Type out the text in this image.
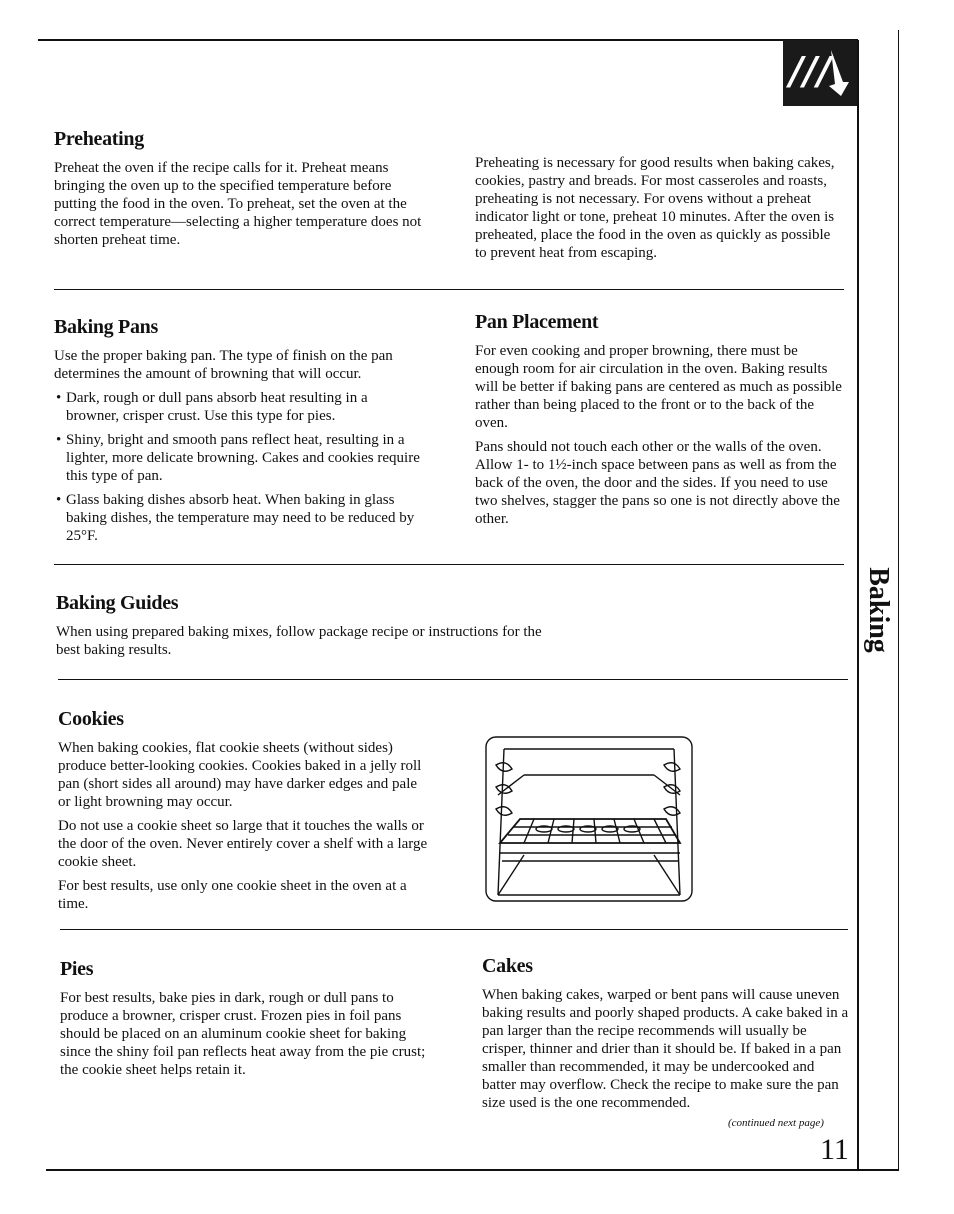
///
Preheating

Preheat the oven if the recipe calls for it. Preheat means bringing the oven up to the specified temperature before putting the food in the oven. To preheat, set the oven at the correct temperature—selecting a higher temperature does not shorten preheat time.

Preheating is necessary for good results when baking cakes, cookies, pastry and breads. For most casseroles and roasts, preheating is not necessary. For ovens without a preheat indicator light or tone, preheat 10 minutes. After the oven is preheated, place the food in the oven as quickly as possible to prevent heat from escaping.

Baking Pans

Use the proper baking pan. The type of finish on the pan determines the amount of browning that will occur.

• Dark, rough or dull pans absorb heat resulting in a browner, crisper crust. Use this type for pies.
• Shiny, bright and smooth pans reflect heat, resulting in a lighter, more delicate browning. Cakes and cookies require this type of pan.
• Glass baking dishes absorb heat. When baking in glass baking dishes, the temperature may need to be reduced by 25°F.
Pan Placement

For even cooking and proper browning, there must be enough room for air circulation in the oven. Baking results will be better if baking pans are centered as much as possible rather than being placed to the front or to the back of the oven.

Pans should not touch each other or the walls of the oven. Allow 1- to 1½-inch space between pans as well as from the back of the oven, the door and the sides. If you need to use two shelves, stagger the pans so one is not directly above the other.

Baking
Baking Guides

When using prepared baking mixes, follow package recipe or instructions for the best baking results.

Cookies

When baking cookies, flat cookie sheets (without sides) produce better-looking cookies. Cookies baked in a jelly roll pan (short sides all around) may have darker edges and pale or light browning may occur.

Do not use a cookie sheet so large that it touches the walls or the door of the oven. Never entirely cover a shelf with a large cookie sheet.

For best results, use only one cookie sheet in the oven at a time.

Pies

For best results, bake pies in dark, rough or dull pans to produce a browner, crisper crust. Frozen pies in foil pans should be placed on an aluminum cookie sheet for baking since the shiny foil pan reflects heat away from the pie crust; the cookie sheet helps retain it.

Cakes

When baking cakes, warped or bent pans will cause uneven baking results and poorly shaped products. A cake baked in a pan larger than the recipe recommends will usually be crisper, thinner and drier than it should be. If baked in a pan smaller than recommended, it may be undercooked and batter may overflow. Check the recipe to make sure the pan size used is the one recommended.

(continued next page)
11
